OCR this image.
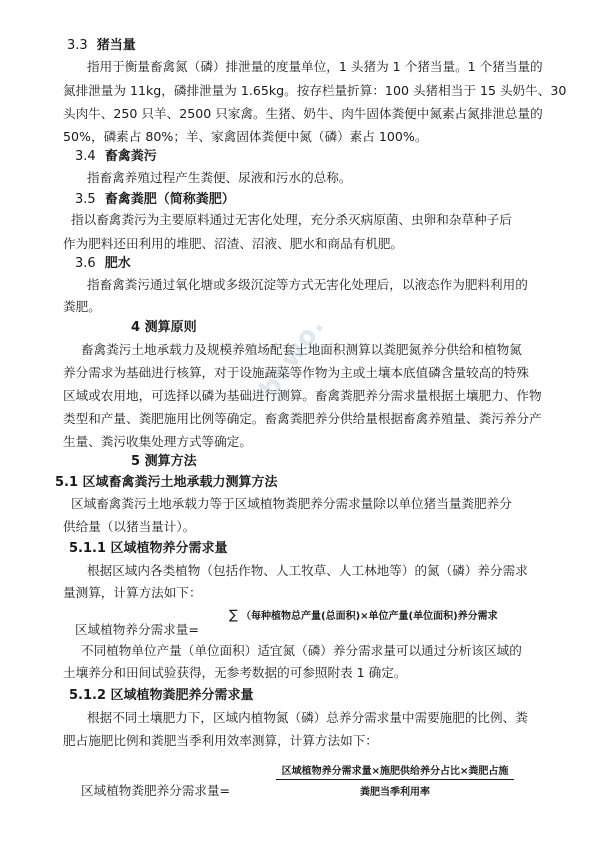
bcwo.
3.3 猪当量
指用于衡量畜禽氮（磷）排泄量的度量单位，1 头猪为 1 个猪当量。1 个猪当量的
氮排泄量为 11kg，磷排泄量为 1.65kg。按存栏量折算：100 头猪相当于 15 头奶牛、30
头肉牛、250 只羊、2500 只家禽。生猪、奶牛、肉牛固体粪便中氮素占氮排泄总量的
50%，磷素占 80%；羊、家禽固体粪便中氮（磷）素占 100%。
3.4 畜禽粪污
指畜禽养殖过程产生粪便、尿液和污水的总称。
3.5 畜禽粪肥（简称粪肥）
指以畜禽粪污为主要原料通过无害化处理，充分杀灭病原菌、虫卵和杂草种子后
作为肥料还田利用的堆肥、沼渣、沼液、肥水和商品有机肥。
3.6 肥水
指畜禽粪污通过氧化塘或多级沉淀等方式无害化处理后，以液态作为肥料利用的
粪肥。
4 测算原则
畜禽粪污土地承载力及规模养殖场配套土地面积测算以粪肥氮养分供给和植物氮
养分需求为基础进行核算，对于设施蔬菜等作物为主或土壤本底值磷含量较高的特殊
区域或农用地，可选择以磷为基础进行测算。畜禽粪肥养分需求量根据土壤肥力、作物
类型和产量、粪肥施用比例等确定。畜禽粪肥养分供给量根据畜禽养殖量、粪污养分产
生量、粪污收集处理方式等确定。
5 测算方法
5.1 区域畜禽粪污土地承载力测算方法
区域畜禽粪污土地承载力等于区域植物粪肥养分需求量除以单位猪当量粪肥养分
供给量（以猪当量计）。
5.1.1 区域植物养分需求量
根据区域内各类植物（包括作物、人工牧草、人工林地等）的氮（磷）养分需求
量测算，计算方法如下：
∑ （每种植物总产量(总面积)×单位产量(单位面积)养分需求
区域植物养分需求量=
不同植物单位产量（单位面积）适宜氮（磷）养分需求量可以通过分析该区域的
土壤养分和田间试验获得，无参考数据的可参照附表 1 确定。
5.1.2 区域植物粪肥养分需求量
根据不同土壤肥力下，区域内植物氮（磷）总养分需求量中需要施肥的比例、粪
肥占施肥比例和粪肥当季利用效率测算，计算方法如下：
区域植物养分需求量×施肥供给养分占比×粪肥占施
粪肥当季利用率
区域植物粪肥养分需求量=
